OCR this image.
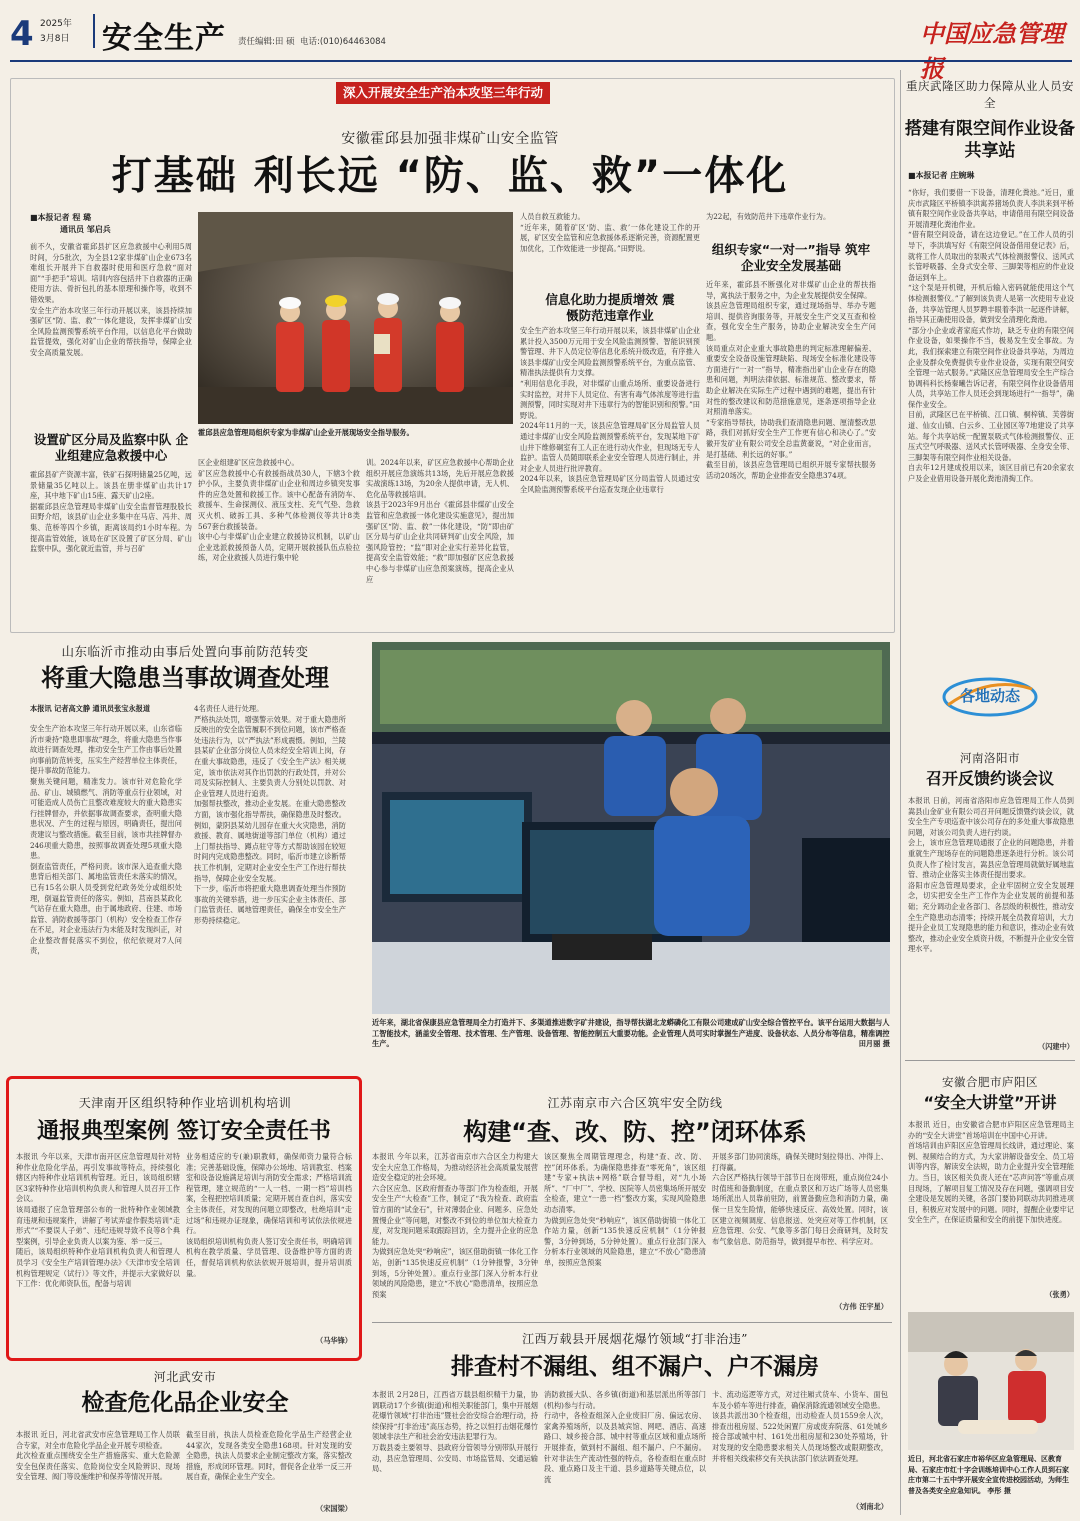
4 2025年
3月8日 安全生产 责任编辑:田 硕 电话:(010)64463084	中国应急管理报
深入开展安全生产治本攻坚三年行动
安徽霍邱县加强非煤矿山安全监管
打基础 利长远 “防、监、救”一体化
■本报记者 程 璐
通讯员 邹启兵
前不久，安徽省霍邱县扩区应急救援中心利用5周时间，分5批次，为全县12家非煤矿山企业673名难组长开展并下自救器时使用和医疗急救“面对面”“手把手”培训。培训内容包括井下自救器的正确使用方法、骨折包扎的基本原理和操作等，收到不错效果。
安全生产治本攻坚三年行动开展以来，该县持续加强矿区“防、监、救”一体化建设，发挥非煤矿山安全风险监测预警系统平台作用，以信息化平台做助监管提效，强化对矿山企业的帮扶指导，保障企业安全高质量发展。
设置矿区分局及监察中队 企业组建应急救援中心
霍邱县矿产资源丰富，铁矿石探明储量25亿吨，远景储量35亿吨以上。该县在册非煤矿山共计17座，其中地下矿山15座、露天矿山2座。
据霍邱县应急管理局非煤矿山安全监督管理股股长田野介绍，该县矿山企业多集中在马店、冯井、周集、范桥等四个乡镇，距离该局约1小时车程。为提高监管效能，该局在矿区设置了矿区分局、矿山监察中队，强化就近监管，并与召矿
霍邱县应急管理局组织专家为非煤矿山企业开展现场安全指导服务。
区企业组建矿区应急救援中心。
矿区应急救援中心有救援指战员30人，下辖3个救护小队，主要负责非煤矿山企业和周边乡镇突发事件的应急处置和救援工作。该中心配备有消防车、救援车、生命探测仪、液压支柱、充气气垫、急救灭火机、破拆工具、多种气体检测仪等共计8类567套台救援装备。
该中心与非煤矿山企业建立救援协议机制，以矿山企业选派救援预备人员，定期开展救援队伍点验拉练，对企业救援人员进行集中轮
训。2024年以来，矿区应急救援中心帮助企业组织开展应急演练共13场，先后开展应急救援实战演练13场，为20余人提供申请，无人机、危化品等救援培训。
该县于2023年9月出台《霍邱县非煤矿山安全监管和应急救援一体化建设实施意见》，提出加强矿区“防、监、救”一体化建设，“防”即由矿区分局与矿山企业共同研判矿山安全风险，加强风险管控；“监”即对企业实行差异化监管，提高安全监管效能；“救”即加强矿区应急救援中心参与非煤矿山应急预案演练，提高企业从应
人员自救互救能力。
“近年来，随着矿区‘防、监、救’一体化建设工作的开展，矿区安全监管和应急救援体系逐渐完善，资源配置更加优化，工作效能进一步提高。”田野说。
信息化助力提质增效 震慑防范违章作业
安全生产治本攻坚三年行动开展以来，该县非煤矿山企业累计投入3500万元用于安全风险监测预警、智能识别预警管理、井下人员定位等信息化系统升级改造，有序推入该县非煤矿山安全风险监测预警系统平台，为重点监管、精准执法提供有力支撑。
“利用信息化手段，对非煤矿山重点场所、重要设备进行实时监控，对井下人员定位、有害有毒气体浓度等进行监测预警，同时实现对井下违章行为的智能识别和预警。”田野说。
2024年11月的一天，该县应急管理局矿区分局监管人员通过非煤矿山安全风险监测预警系统平台，发现某地下矿山井下维修硐室有工人正在进行动火作业，但现场无专人监护。监管人员随即联系企业安全管理人员进行制止，并对企业人员进行批评教育。
2024年以来，该县应急管理局矿区分局监管人员通过安全风险监测预警系统平台巡查发现企业违章行
为22起，有效防范井下违章作业行为。
组织专家“一对一”指导 筑牢企业安全发展基础
近年来，霍邱县不断强化对非煤矿山企业的帮扶指导，寓执法于服务之中，为企业发展提供安全保障。
该县应急管理局组织专家，通过现场指导、举办专题培训、提供咨询服务等，开展安全生产交叉互查和检查，强化安全生产服务，协助企业解决安全生产问题。
该局重点对企业重大事故隐患的判定标准理解偏差、重要安全设备设施管理缺陷、现场安全标准化建设等方面进行“一对一”指导，精准指出矿山企业存在的隐患和问题，判明法律依据、标准规范、整改要求，帮助企业解决在实际生产过程中遇到的难题，提出有针对性的整改建议和防范措施意见，逐条逐项指导企业对照清单落实。
“专家指导帮扶，协助我们查清隐患问题、厘清整改思路，我们对抓好安全生产工作更有信心和决心了。”安徽开发矿业有限公司安全总监黄豪说，“对企业而言，是打基础、利长远的好事。”
截至目前，该县应急管理局已组织开展专家帮扶服务活动20场次，帮助企业排查安全隐患374项。
重庆武隆区助力保障从业人员安全
搭建有限空间作业设备共享站
■本报记者 庄婉琳
“你好，我们要借一下设备，清理化粪池。”近日，重庆市武隆区平桥镇李洪寓养猪场负责人李洪来到平桥镇有限空间作业设备共享站，申请借用有限空间设备开展清理化粪池作业。
“借有限空间设备，请在这边登记。”在工作人员的引导下，李洪填写好《有限空间设备借用登记表》后，就将工作人员取出的泵吸式气体检测报警仪、送风式长管呼吸器、全身式安全带、三脚架等相应的作业设备运到车上。
“这个泵是开机键，开机后输入密码就能使用这个气体检测报警仪。”了解到该负责人是第一次使用专业设备，共享站管理人员罗聘丰眼着李洪一起逐件讲解，指导其正确使用设备，做到安全清理化粪池。
“部分小企业或者家庭式作坊，缺乏专业的有限空间作业设备，如果操作不当，极易发生安全事故。为此，我们探索建立有限空间作业设备共享站，为周边企业及群众免费提供专业作业设备，实现有限空间安全管理一站式服务。”武隆区应急管理局安全生产综合协调科科长杨秦曦告诉记者，有限空间作业设备借用人员，共享站工作人员还会到现场进行“一指导”，确保作业安全。
目前，武隆区已在平桥镇、江口镇、桐梓镇、芙蓉街道、仙女山镇、白云乡、工业园区等7地建设了共享站。每个共享站统一配置泵吸式气体检测报警仪、正压式空气呼吸器、送风式长管呼吸器、全身安全带、三脚架等有限空间作业相关设备。
自去年12月建成投用以来，该区目前已有20余家农户及企业借用设备开展化粪池清掏工作。
各地动态
河南洛阳市
召开反馈约谈会议
本报讯 日前，河南省洛阳市应急管理局工作人员到嵩县山金矿业有限公司召开问题反馈暨约谈会议，就安全生产专项巡查中该公司存在的多处重大事故隐患问题，对该公司负责人进行约谈。
会上，该市应急管理局通报了企业的问题隐患，并着重就生产现场存在的问题隐患逐条进行分析。该公司负责人作了检讨发言，嵩县应急管理局就做好属地监管、推动企业落实主体责任提出要求。
洛阳市应急管理局要求，企业牢固树立安全发展理念，切实把安全生产工作作为企业发展的前提和基础；充分调动企业各部门、各层级的积极性，推动安全生产隐患动态清零；持续开展全员教育培训，大力提升企业员工发现隐患的能力和意识，推动企业有效整改，推动企业安全质资升级，不断提升企业安全管理水平。
（闪建中）
安徽合肥市庐阳区
“安全大讲堂”开讲
本报讯 近日，由安徽省合肥市庐阳区应急管理局主办的“安全大讲堂”首场培训在中国中心开讲。
首场培训由庐阳区应急管理局长线讲，通过理论、案例、视频结合的方式，为大家讲解设备安全、员工培训等内容，解读安全法规，助力企业提升安全管理能力。当日，该区相关负责人还在“芯声问答”等重点项目现场，了解项目复工情况及存在问题，强调项目安全建设是发展的关键，各部门要协同联动共同推进项目，积极应对发展中的问题。同时，提醒企业要牢记安全生产，在保证质量和安全的前提下加快进度。
（张勇）
近日，河北省石家庄市裕华区应急管理局、区教育局、石家庄市红十字会训练培训中心工作人员到石家庄市第二十五中学开展安全宣传进校园活动，为师生普及各类安全应急知识。 李彤 摄
山东临沂市推动由事后处置向事前防范转变
将重大隐患当事故调查处理
本报讯 记者高文静 通讯员张宝永报道
安全生产治本攻坚三年行动开展以来，山东省临沂市秉持“隐患即事故”理念，将重大隐患当作事故进行调查处理，推动安全生产工作由事后处置向事前防范转变，压实生产经营单位主体责任，提升事故防范能力。
聚焦关键问题，精准发力。该市针对危险化学品、矿山、城镇燃气、消防等重点行业领域，对可能造成人员伤亡且整改难度较大的重大隐患实行挂牌督办，并依据事故调查要求，查明重大隐患状况、产生的过程与原因，明确责任，提出问责建议与整改措施。截至目前，该市共挂牌督办246项重大隐患，按照事故调查处理5项重大隐患。
倒查监管责任，严格问责。该市深入追查重大隐患背后相关部门、属地监管责任未落实的情况，已有15名公职人员受到党纪政务处分或组织处理，倒逼监管责任的落实。例如，莒南县某政化气站存在重大隐患，由于属地政府、住建、市场监管、消防救援等部门（机构）安全检查工作存在不足，对企业违法行为未能及时发现纠正，对企业整改督促落实不到位，依纪依规对7人问责，
4名责任人进行处理。
严格执法处罚，增强警示效果。对于重大隐患所反映出的安全监管履职不到位问题，该市严格查处违法行为，以“严执法”形成震慑。例如，兰陵县某矿企业部分岗位人员未经安全培训上岗，存在重大事故隐患，违反了《安全生产法》相关规定，该市依法对其作出罚款的行政处罚，并对公司及实际控制人、主要负责人分别处以罚款、对企业管理人员进行追责。
加强帮扶整改，推动企业发展。在重大隐患整改方面，该市强化指导帮扶，确保隐患及时整改。例如，蒙阴县某幼儿园存在重大火灾隐患，消防救援、教育、属地街道等部门单位（机构）通过上门帮扶指导、蹲点驻守等方式帮助该园在较短时间内完成隐患整改。同时，临沂市建立诊断帮扶工作机制，定期对企业安全生产工作进行帮扶指导，保障企业安全发展。
下一步，临沂市将把重大隐患调查处理当作预防事故的关键举措，进一步压实企业主体责任、部门监管责任、属地管理责任，确保全市安全生产形势持续稳定。
近年来，湖北省保康县应急管理局全力打造并下、多渠道推进数字矿井建设，指导帮扶湖北龙蟒磷化工有限公司建成矿山安全综合管控平台。该平台运用大数据与人工智能技术，涵盖安全管理、技术管理、生产管理、设备管理、智能控制五大重要功能。企业管理人员可实时掌握生产进度、设备状态、人员分布等信息，精准调控生产。	田月丽 摄
天津南开区组织特种作业培训机构培训
通报典型案例 签订安全责任书
本报讯 今年以来，天津市南开区应急管理局针对特种作业危险化学品，再引发事故等特点，持续强化辖区内特种作业培训机构管理。近日，该局组织辖区3家特种作业培训机构负责人和管理人员召开工作会议。
该局通报了应急管理部公布的一批特种作业领域教育违规和违规案件，讲解了考试弄虚作假类培训“走形式”“不要误人子弟”、违纪违规导致不良等8个典型案例，引导企业负责人以案为鉴、举一反三。
随后，该局组织特种作业培训机构负责人和管理人员学习《安全生产培训管理办法》《天津市安全培训机构管理规定（试行）》等文件，并提示大家做好以下工作：优化师资队伍，配备与培训
业务相适应的专(兼)职教师，确保师资力量符合标准；完善基础设施，保障办公场地、培训教室、档案室和设备设施满足培训与消防安全需求；严格培训流程管理，建立规范的“一人一档、一期一档”培训档案，全程把控培训质量；定期开展自查自纠，落实安全主体责任，对发现的问题立即整改，杜绝培训“走过场”和违规办证现象，确保培训和考试依法依规进行。
该局组织培训机构负责人签订安全责任书，明确培训机构在教学质量、学员管理、设备维护等方面的责任，督促培训机构依法依规开展培训，提升培训质量。
（马华锋）
江苏南京市六合区筑牢安全防线
构建“查、改、防、控”闭环体系
本报讯 今年以来，江苏省南京市六合区全力构建大安全大应急工作格局，为推动经济社会高质量发展营造安全稳定的社会环境。
六合区应急、区政府督查办等部门作为检查组，开展安全生产“大检查”工作，制定了“我为检查、政府监管方面的“试金石”，针对薄弱企业、问题多、应急处置慢企业”等问题，对整改不到位的单位加大检查力度，对发现问题采取跟踪回访，全力提升企业的应急能力。
为做到应急处突“秒响应”，该区借助街镇一体化工作站，创新“135快速反应机制”（1分钟报警，3分钟到场，5分钟处置）。重点行业部门深入分析本行业领域的风险隐患，建立“不放心”隐患清单，按照应急预案
该区聚焦全周期管理理念，构建“查、改、防、控”闭环体系。为确保隐患排查“零死角”，该区组建“专家+执法+网格”联合督导组，对“九小场所”、“厂中厂”、学校、医院等人员密集场所开展安全检查，建立“一患一档”整改方案，实现风险隐患动态清零。
为做到应急处突“秒响应”，该区借助街镇一体化工作站力量，创新“135快速反应机制”（1分钟报警，3分钟到场，5分钟处置）。重点行业部门深入分析本行业领域的风险隐患，建立“不放心”隐患清单，按照应急预案
开展多部门协同演练，确保关键时刻拉得出、冲得上、打得赢。
六合区严格执行领导干部节日在岗带班，重点岗位24小时值班和备勤制度，在重点景区和万达广场等人员密集场所派出人员靠前驻防，前置备勤应急和消防力量，确保一旦发生险情，能够快速反应、高效处置。同时，该区建立视频调度、信息报送、处突应对等工作机制，区应急管理、公安、气象等多部门每日会商研判，及时发布气象信息、防范指导，做到提早布控、科学应对。
（方伟 汪宇星）
江西万载县开展烟花爆竹领域“打非治违”
排查村不漏组、组不漏户、户不漏房
本报讯 2月28日，江西省万载县组织精干力量，协调联动17个乡镇(街道)和相关职能部门，集中开展烟花爆竹领域“打非治违”暨社会治安综合治理行动，持续保持“打非治违”高压态势，持之以恒打击烟花爆竹领域非法生产和社会治安违法犯罪行为。
万载县委主要领导、县政府分管领导分别带队开展行动，县应急管理局、公安局、市场监管局、交通运输局、
消防救援大队、各乡镇(街道)和基层派出所等部门(机构)参与行动。
行动中，各检查组深入企业废旧厂房、偏远农房、家禽养殖场所，以及县城宾馆、网吧、酒店、高速路口、城乡接合部、城中村等重点区域和重点场所开展排查，做到村不漏组、组不漏户、户不漏房。针对非法生产流动性强的特点，各检查组在重点时段、重点路口及主干道、县乡道路等关键点位，以流
卡、流动巡逻等方式，对过往厢式货车、小货车、面包车及小轿车等进行排查，确保消除流通领域安全隐患。
该县共派出30个检查组，出动检查人员1559余人次，排查出租房屋、522处闲置厂房或废弃院落、61处城乡接合部或城中村、161处出租房屋和230处养殖场，针对发现的安全隐患要求相关人员现场整改或限期整改，并将相关线索移交有关执法部门依法调查处理。
（刘南北）
河北武安市
检查危化品企业安全
本报讯 近日，河北省武安市应急管理局工作人员联合专家，对全市危险化学品企业开展专项检查。
此次检查重点围绕安全生产措施落实、重大危险源安全包保责任落实、危险岗位安全风险辨识、现场安全管理、阀门等设施维护和保养等情况开展。
截至目前，执法人员检查危险化学品生产经营企业44家次，发现各类安全隐患168项。针对发现的安全隐患，执法人员要求企业制定整改方案，落实整改措施，形成闭环管理。同时，督促各企业举一反三开展自查，确保企业生产安全。
（宋国梁）
